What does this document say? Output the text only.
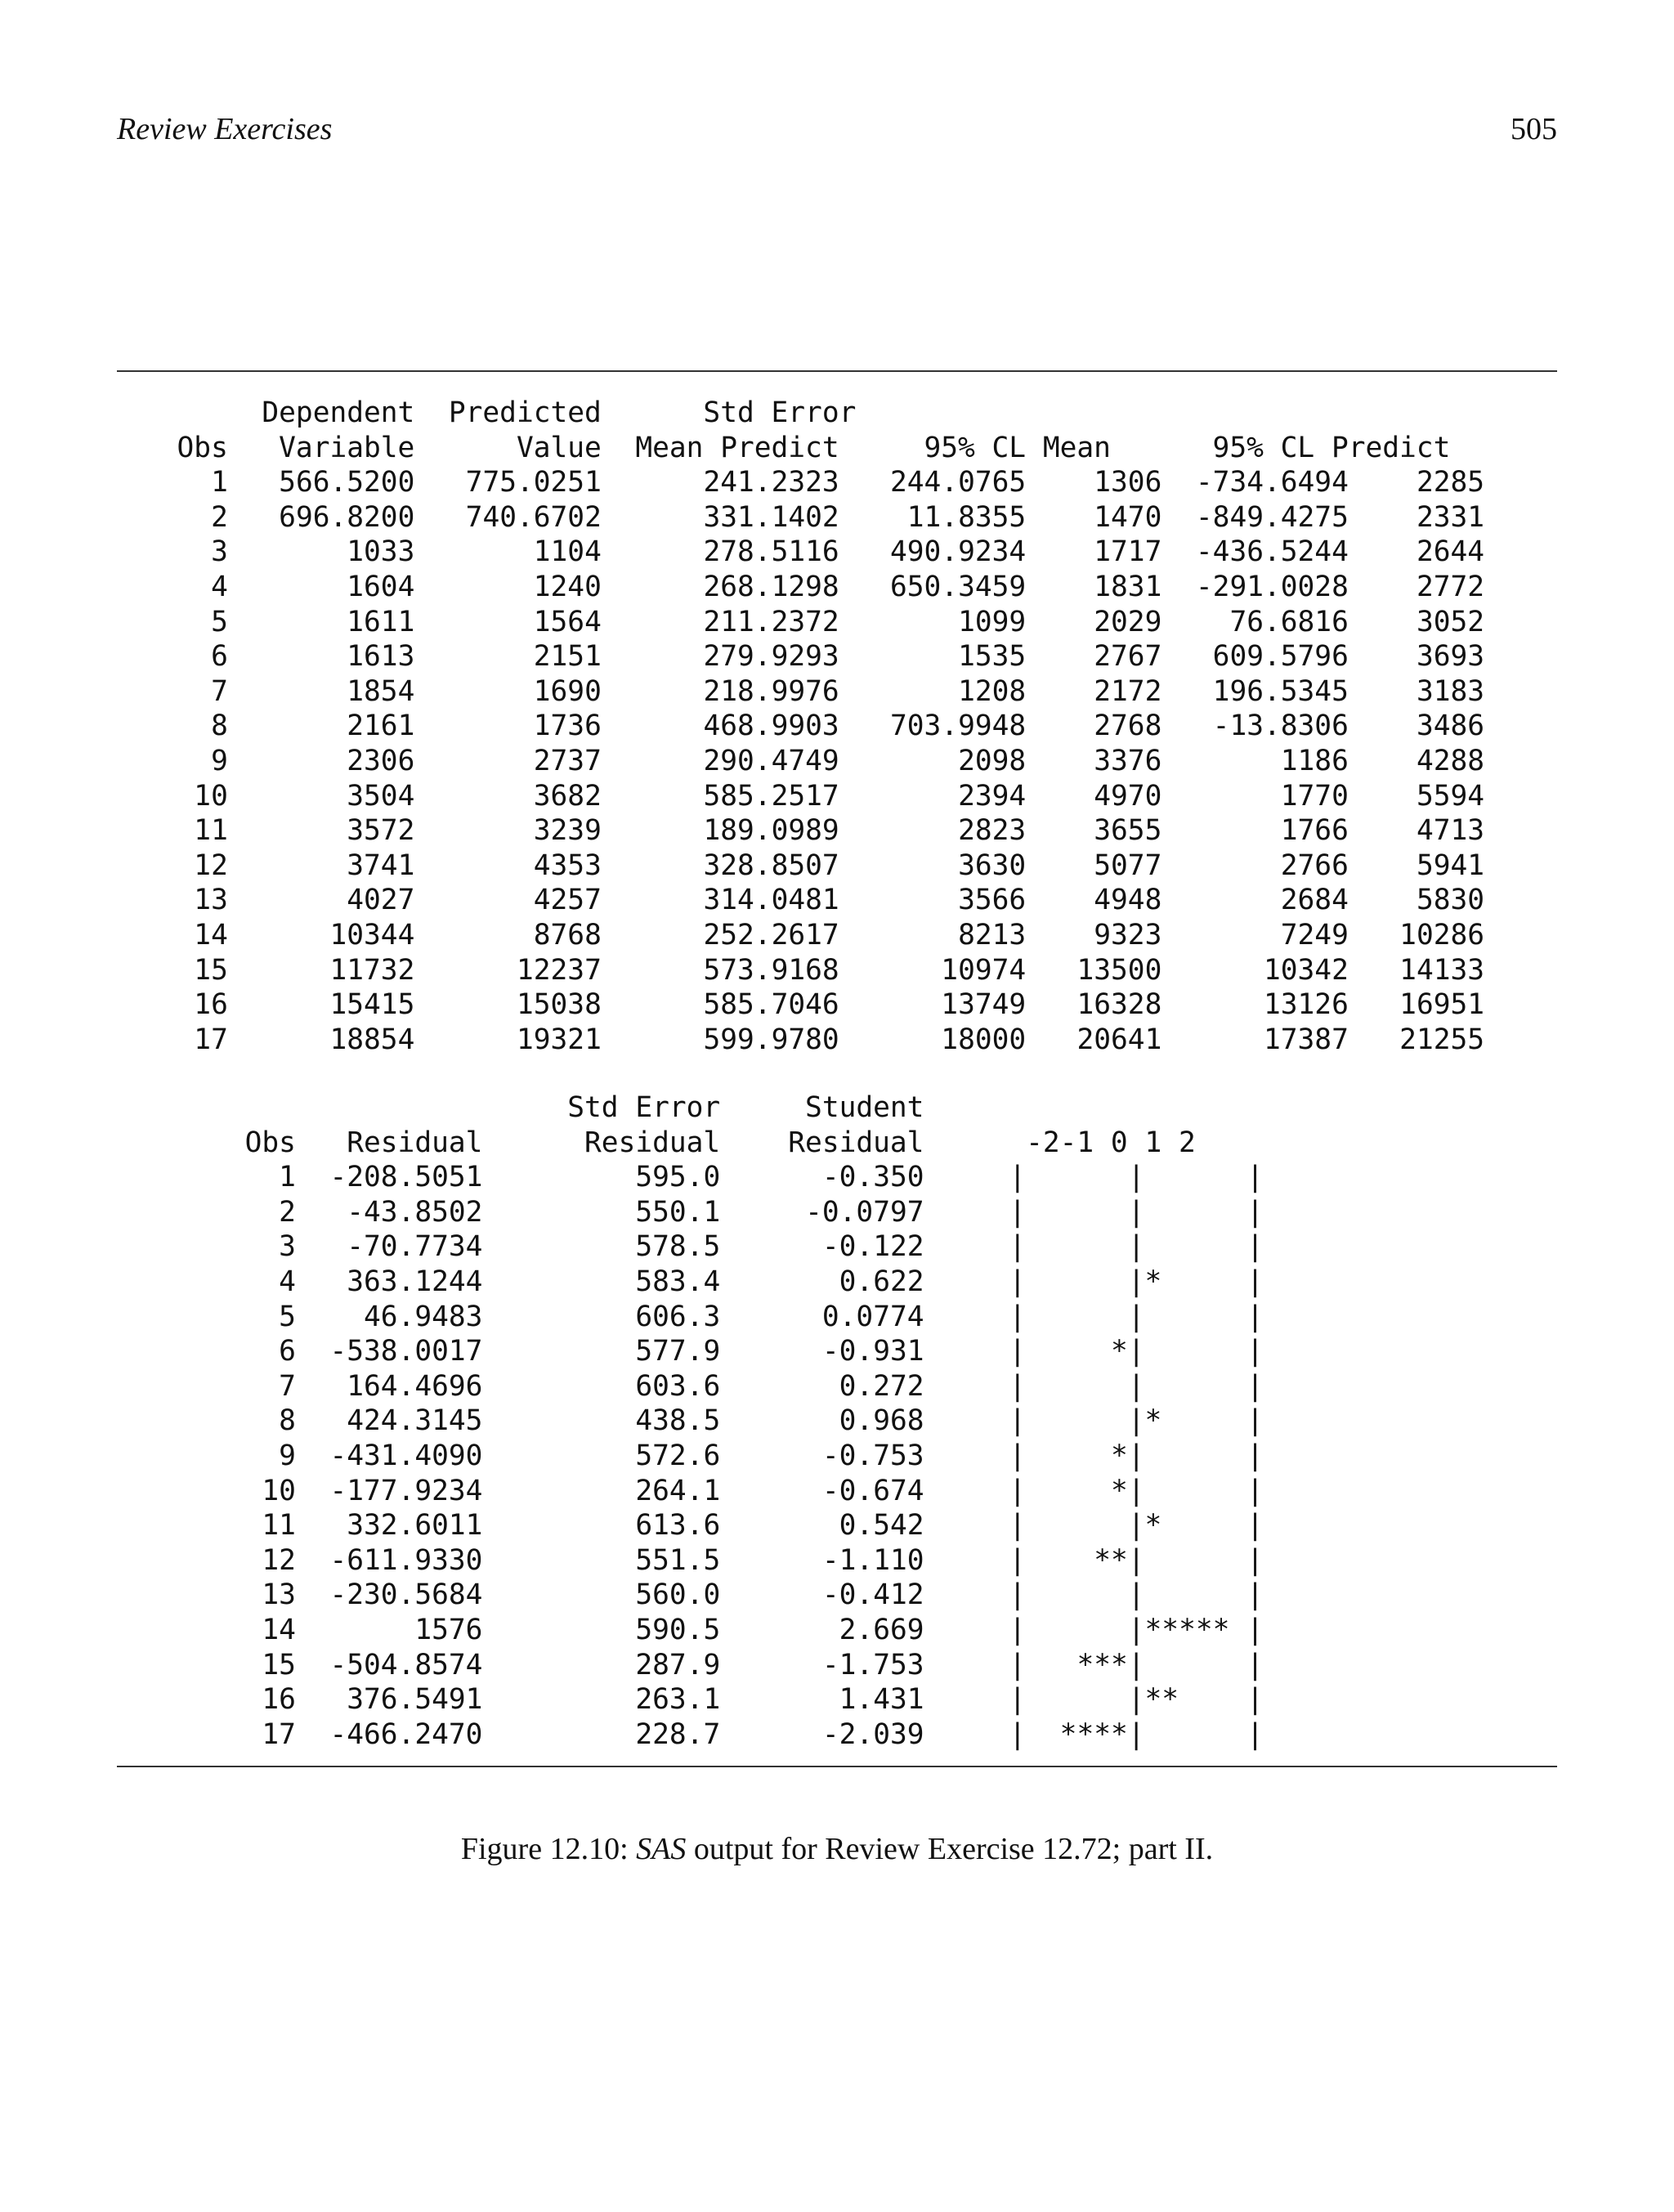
Review Exercises	505
Dependent  Predicted      Std Error
Obs   Variable      Value  Mean Predict     95% CL Mean      95% CL Predict
1   566.5200   775.0251      241.2323   244.0765    1306  -734.6494    2285
2   696.8200   740.6702      331.1402    11.8355    1470  -849.4275    2331
3       1033       1104      278.5116   490.9234    1717  -436.5244    2644
4       1604       1240      268.1298   650.3459    1831  -291.0028    2772
5       1611       1564      211.2372       1099    2029    76.6816    3052
6       1613       2151      279.9293       1535    2767   609.5796    3693
7       1854       1690      218.9976       1208    2172   196.5345    3183
8       2161       1736      468.9903   703.9948    2768   -13.8306    3486
9       2306       2737      290.4749       2098    3376       1186    4288
10       3504       3682      585.2517       2394    4970       1770    5594
11       3572       3239      189.0989       2823    3655       1766    4713
12       3741       4353      328.8507       3630    5077       2766    5941
13       4027       4257      314.0481       3566    4948       2684    5830
14      10344       8768      252.2617       8213    9323       7249   10286
15      11732      12237      573.9168      10974   13500      10342   14133
16      15415      15038      585.7046      13749   16328      13126   16951
17      18854      19321      599.9780      18000   20641      17387   21255
Std Error     Student
Obs   Residual      Residual    Residual      -2-1 0 1 2
1  -208.5051         595.0      -0.350	|      |      |
2   -43.8502         550.1     -0.0797	|      |      |
3   -70.7734         578.5      -0.122	|      |      |
4   363.1244         583.4       0.622	|      |*     |
5    46.9483         606.3      0.0774	|      |      |
6  -538.0017         577.9      -0.931	|     *|      |
7   164.4696         603.6       0.272	|      |      |
8   424.3145         438.5       0.968	|      |*     |
9  -431.4090         572.6      -0.753	|     *|      |
10  -177.9234         264.1      -0.674	|     *|      |
11   332.6011         613.6       0.542	|      |*     |
12  -611.9330         551.5      -1.110	|    **|      |
13  -230.5684         560.0      -0.412	|      |      |
14       1576         590.5       2.669	|      |***** |
15  -504.8574         287.9      -1.753	|   ***|      |
16   376.5491         263.1       1.431	|      |**    |
17  -466.2470         228.7      -2.039	|  ****|      |
Figure 12.10: SAS output for Review Exercise 12.72; part II.
